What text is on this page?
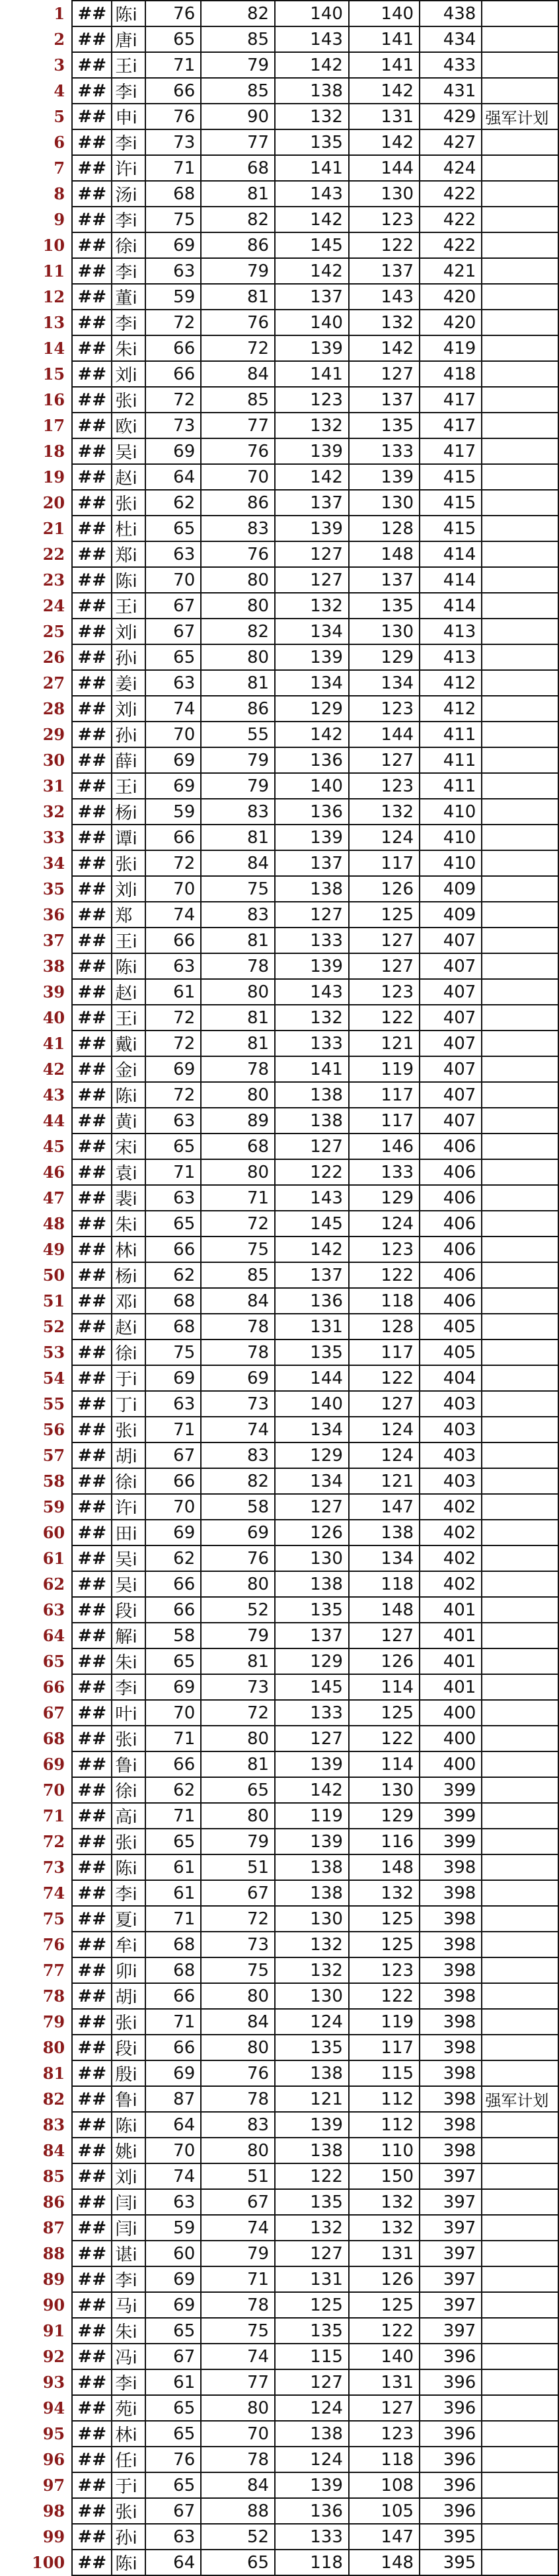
1	##	陈i	76	82	140	140	438	
2	##	唐i	65	85	143	141	434	
3	##	王i	71	79	142	141	433	
4	##	李i	66	85	138	142	431	
5	##	申i	76	90	132	131	429	强军计划
6	##	李i	73	77	135	142	427	
7	##	许i	71	68	141	144	424	
8	##	汤i	68	81	143	130	422	
9	##	李i	75	82	142	123	422	
10	##	徐i	69	86	145	122	422	
11	##	李i	63	79	142	137	421	
12	##	董i	59	81	137	143	420	
13	##	李i	72	76	140	132	420	
14	##	朱i	66	72	139	142	419	
15	##	刘i	66	84	141	127	418	
16	##	张i	72	85	123	137	417	
17	##	欧i	73	77	132	135	417	
18	##	吴i	69	76	139	133	417	
19	##	赵i	64	70	142	139	415	
20	##	张i	62	86	137	130	415	
21	##	杜i	65	83	139	128	415	
22	##	郑i	63	76	127	148	414	
23	##	陈i	70	80	127	137	414	
24	##	王i	67	80	132	135	414	
25	##	刘i	67	82	134	130	413	
26	##	孙i	65	80	139	129	413	
27	##	姜i	63	81	134	134	412	
28	##	刘i	74	86	129	123	412	
29	##	孙i	70	55	142	144	411	
30	##	薛i	69	79	136	127	411	
31	##	王i	69	79	140	123	411	
32	##	杨i	59	83	136	132	410	
33	##	谭i	66	81	139	124	410	
34	##	张i	72	84	137	117	410	
35	##	刘i	70	75	138	126	409	
36	##	郑	74	83	127	125	409	
37	##	王i	66	81	133	127	407	
38	##	陈i	63	78	139	127	407	
39	##	赵i	61	80	143	123	407	
40	##	王i	72	81	132	122	407	
41	##	戴i	72	81	133	121	407	
42	##	金i	69	78	141	119	407	
43	##	陈i	72	80	138	117	407	
44	##	黄i	63	89	138	117	407	
45	##	宋i	65	68	127	146	406	
46	##	袁i	71	80	122	133	406	
47	##	裴i	63	71	143	129	406	
48	##	朱i	65	72	145	124	406	
49	##	林i	66	75	142	123	406	
50	##	杨i	62	85	137	122	406	
51	##	邓i	68	84	136	118	406	
52	##	赵i	68	78	131	128	405	
53	##	徐i	75	78	135	117	405	
54	##	于i	69	69	144	122	404	
55	##	丁i	63	73	140	127	403	
56	##	张i	71	74	134	124	403	
57	##	胡i	67	83	129	124	403	
58	##	徐i	66	82	134	121	403	
59	##	许i	70	58	127	147	402	
60	##	田i	69	69	126	138	402	
61	##	吴i	62	76	130	134	402	
62	##	吴i	66	80	138	118	402	
63	##	段i	66	52	135	148	401	
64	##	解i	58	79	137	127	401	
65	##	朱i	65	81	129	126	401	
66	##	李i	69	73	145	114	401	
67	##	叶i	70	72	133	125	400	
68	##	张i	71	80	127	122	400	
69	##	鲁i	66	81	139	114	400	
70	##	徐i	62	65	142	130	399	
71	##	高i	71	80	119	129	399	
72	##	张i	65	79	139	116	399	
73	##	陈i	61	51	138	148	398	
74	##	李i	61	67	138	132	398	
75	##	夏i	71	72	130	125	398	
76	##	牟i	68	73	132	125	398	
77	##	卯i	68	75	132	123	398	
78	##	胡i	66	80	130	122	398	
79	##	张i	71	84	124	119	398	
80	##	段i	66	80	135	117	398	
81	##	殷i	69	76	138	115	398	
82	##	鲁i	87	78	121	112	398	强军计划
83	##	陈i	64	83	139	112	398	
84	##	姚i	70	80	138	110	398	
85	##	刘i	74	51	122	150	397	
86	##	闫i	63	67	135	132	397	
87	##	闫i	59	74	132	132	397	
88	##	谌i	60	79	127	131	397	
89	##	李i	69	71	131	126	397	
90	##	马i	69	78	125	125	397	
91	##	朱i	65	75	135	122	397	
92	##	冯i	67	74	115	140	396	
93	##	李i	61	77	127	131	396	
94	##	苑i	65	80	124	127	396	
95	##	林i	65	70	138	123	396	
96	##	任i	76	78	124	118	396	
97	##	于i	65	84	139	108	396	
98	##	张i	67	88	136	105	396	
99	##	孙i	63	52	133	147	395	
100	##	陈i	64	65	118	148	395	
